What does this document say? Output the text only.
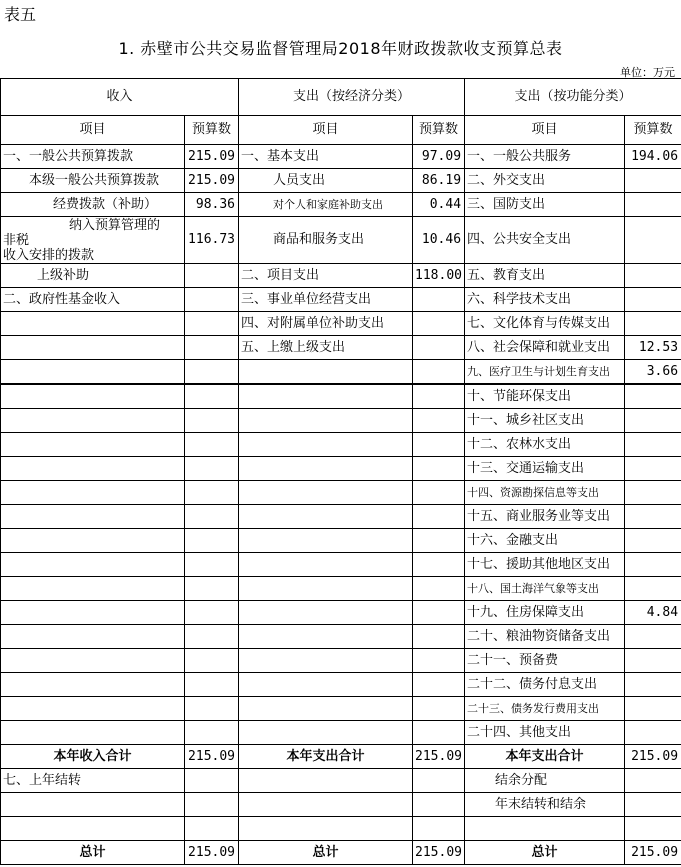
表五
1. 赤壁市公共交易监督管理局2018年财政拨款收支预算总表
单位：万元
收入		支出（按经济分类）		支出（按功能分类）	
项目	预算数	项目	预算数	项目	预算数
一、一般公共预算拨款	215.09	一、基本支出	97.09	一、一般公共服务	194.06
本级一般公共预算拨款	215.09	人员支出	86.19	二、外交支出	
经费拨款（补助）	98.36	对个人和家庭补助支出	0.44	三、国防支出	

纳入预算管理的
非税
收入安排的拨款	116.73	商品和服务支出	10.46	四、公共安全支出	
上级补助		二、项目支出	118.00	五、教育支出	
二、政府性基金收入		三、事业单位经营支出		六、科学技术支出	
		四、对附属单位补助支出		七、文化体育与传媒支出	
		五、上缴上级支出		八、社会保障和就业支出	12.53
				九、医疗卫生与计划生育支出	3.66
				十、节能环保支出	
				十一、城乡社区支出	
				十二、农林水支出	
				十三、交通运输支出	
				十四、资源勘探信息等支出	
				十五、商业服务业等支出	
				十六、金融支出	
				十七、援助其他地区支出	
				十八、国土海洋气象等支出	
				十九、住房保障支出	4.84
				二十、粮油物资储备支出	
				二十一、预备费	
				二十二、债务付息支出	
				二十三、债务发行费用支出	
				二十四、其他支出	
本年收入合计	215.09	本年支出合计	215.09	本年支出合计	215.09
七、上年结转				结余分配	
				年末结转和结余	

总计	215.09	总计	215.09	总计	215.09
